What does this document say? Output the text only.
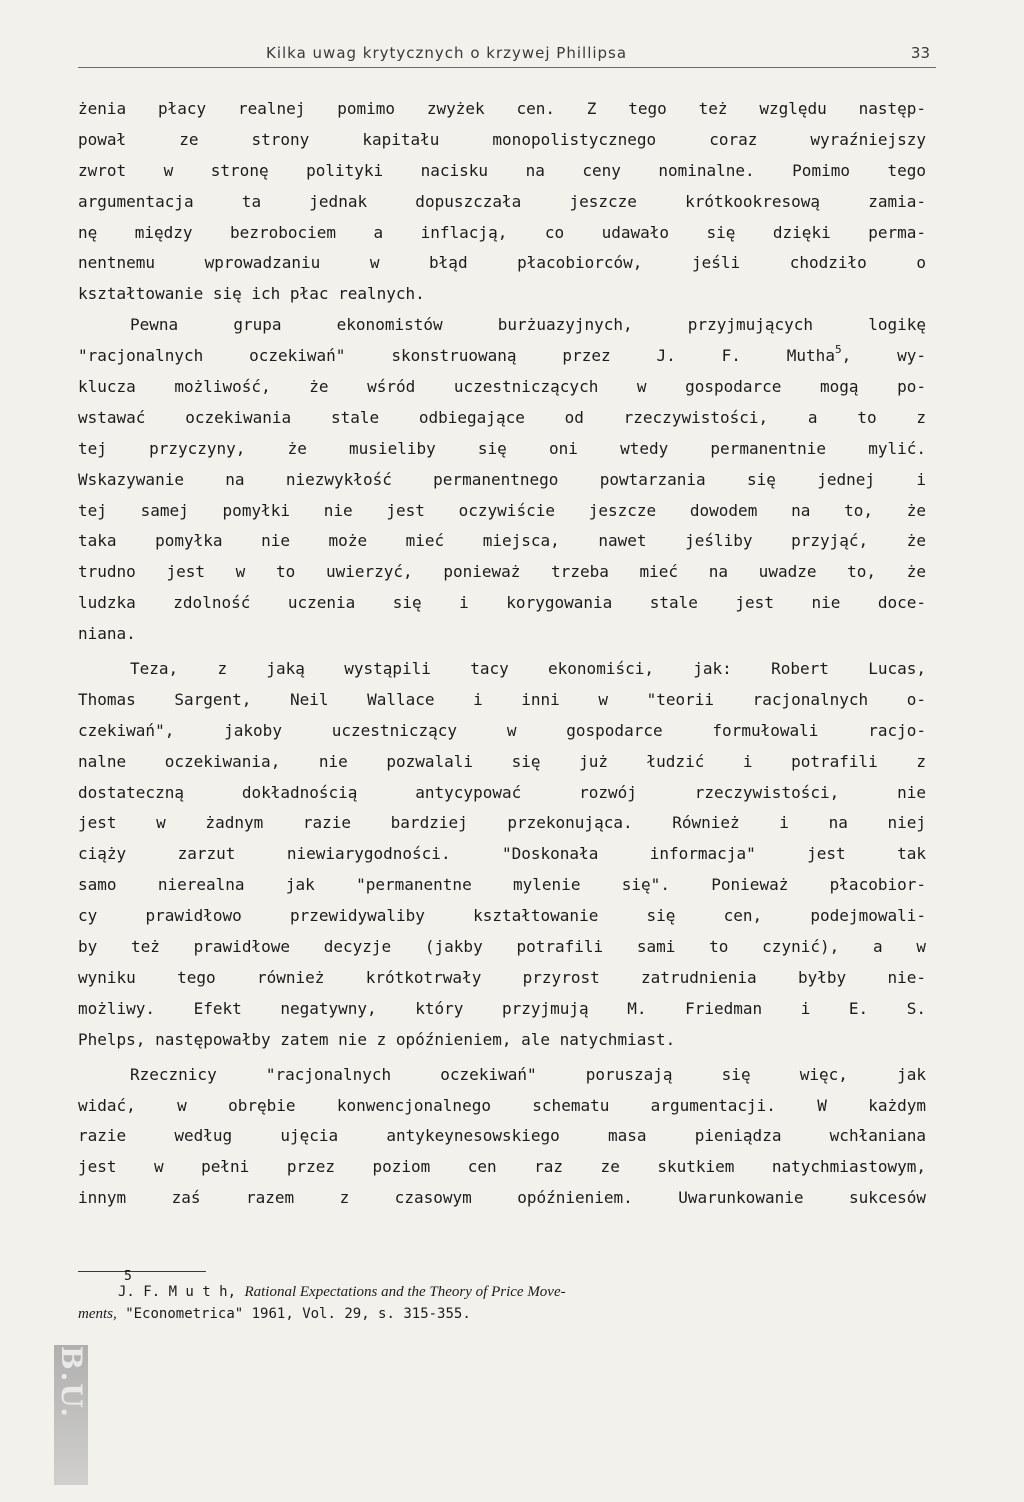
Kilka uwag krytycznych o krzywej Phillipsa	33
żenia płacy realnej pomimo zwyżek cen. Z tego też względu następ-
pował ze strony kapitału monopolistycznego coraz wyraźniejszy
zwrot w stronę polityki nacisku na ceny nominalne. Pomimo tego
argumentacja ta jednak dopuszczała jeszcze krótkookresową zamia-
nę między bezrobociem a inflacją, co udawało się dzięki perma-
nentnemu wprowadzaniu w błąd płacobiorców, jeśli chodziło o
kształtowanie się ich płac realnych.
Pewna grupa ekonomistów burżuazyjnych, przyjmujących logikę
"racjonalnych oczekiwań" skonstruowaną przez J. F. Mutha$^5$, wy-
klucza możliwość, że wśród uczestniczących w gospodarce mogą po-
wstawać oczekiwania stale odbiegające od rzeczywistości, a to z
tej przyczyny, że musieliby się oni wtedy permanentnie mylić.
Wskazywanie na niezwykłość permanentnego powtarzania się jednej i
tej samej pomyłki nie jest oczywiście jeszcze dowodem na to, że
taka pomyłka nie może mieć miejsca, nawet jeśliby przyjąć, że
trudno jest w to uwierzyć, ponieważ trzeba mieć na uwadze to, że
ludzka zdolność uczenia się i korygowania stale jest nie doce-
niana.
Teza, z jaką wystąpili tacy ekonomiści, jak: Robert Lucas,
Thomas Sargent, Neil Wallace i inni w "teorii racjonalnych o-
czekiwań", jakoby uczestniczący w gospodarce formułowali racjo-
nalne oczekiwania, nie pozwalali się już łudzić i potrafili z
dostateczną dokładnością antycypować rozwój rzeczywistości, nie
jest w żadnym razie bardziej przekonująca. Również i na niej
ciąży zarzut niewiarygodności. "Doskonała informacja" jest tak
samo nierealna jak "permanentne mylenie się". Ponieważ płacobior-
cy prawidłowo przewidywaliby kształtowanie się cen, podejmowali-
by też prawidłowe decyzje (jakby potrafili sami to czynić), a w
wyniku tego również krótkotrwały przyrost zatrudnienia byłby nie-
możliwy. Efekt negatywny, który przyjmują M. Friedman i E. S.
Phelps, następowałby zatem nie z opóźnieniem, ale natychmiast.
Rzecznicy "racjonalnych oczekiwań" poruszają się więc, jak
widać, w obrębie konwencjonalnego schematu argumentacji. W każdym
razie według ujęcia antykeynesowskiego masa pieniądza wchłaniana
jest w pełni przez poziom cen raz ze skutkiem natychmiastowym,
innym zaś razem z czasowym opóźnieniem. Uwarunkowanie sukcesów
5
J. F. M u t h, Rational Expectations and the Theory of Price Move-
ments, "Econometrica" 1961, Vol. 29, s. 315-355.
B.U.
